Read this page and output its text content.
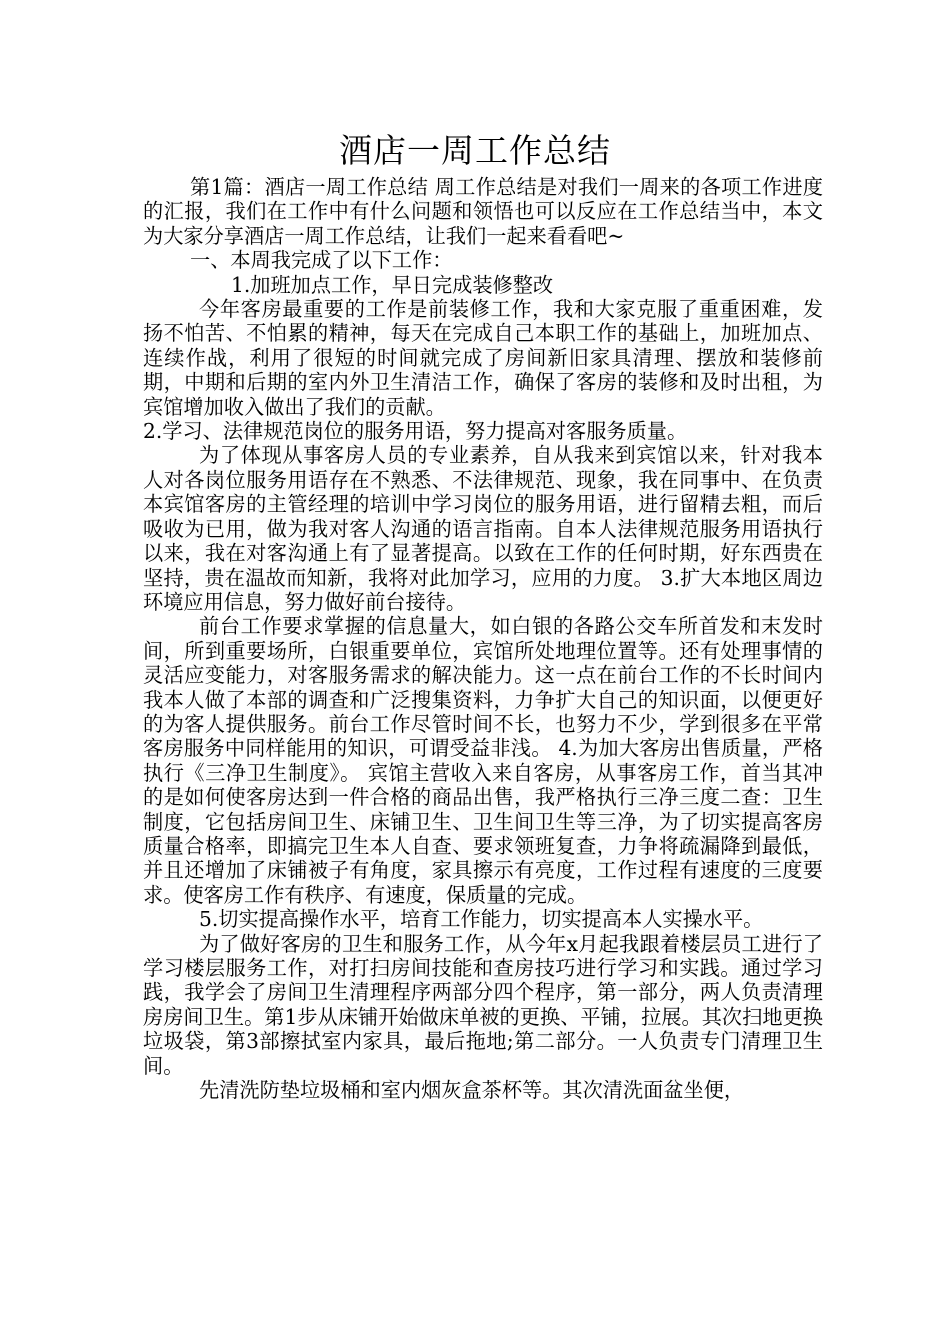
酒店一周工作总结

第1篇：酒店一周工作总结 周工作总结是对我们一周来的各项工作进度的汇报，我们在工作中有什么问题和领悟也可以反应在工作总结当中，本文为大家分享酒店一周工作总结，让我们一起来看看吧~

一、本周我完成了以下工作：

1.加班加点工作，早日完成装修整改

今年客房最重要的工作是前装修工作，我和大家克服了重重困难，发扬不怕苦、不怕累的精神，每天在完成自己本职工作的基础上，加班加点、连续作战，利用了很短的时间就完成了房间新旧家具清理、摆放和装修前期，中期和后期的室内外卫生清洁工作，确保了客房的装修和及时出租，为宾馆增加收入做出了我们的贡献。

2.学习、法律规范岗位的服务用语，努力提高对客服务质量。

为了体现从事客房人员的专业素养，自从我来到宾馆以来，针对我本人对各岗位服务用语存在不熟悉、不法律规范、现象，我在同事中、在负责本宾馆客房的主管经理的培训中学习岗位的服务用语，进行留精去粗，而后吸收为已用，做为我对客人沟通的语言指南。自本人法律规范服务用语执行以来，我在对客沟通上有了显著提高。以致在工作的任何时期，好东西贵在坚持，贵在温故而知新，我将对此加学习，应用的力度。 3.扩大本地区周边环境应用信息，努力做好前台接待。

前台工作要求掌握的信息量大，如白银的各路公交车所首发和末发时间，所到重要场所，白银重要单位，宾馆所处地理位置等。还有处理事情的灵活应变能力，对客服务需求的解决能力。这一点在前台工作的不长时间内我本人做了本部的调查和广泛搜集资料，力争扩大自己的知识面，以便更好的为客人提供服务。前台工作尽管时间不长，也努力不少，学到很多在平常客房服务中同样能用的知识，可谓受益非浅。 4.为加大客房出售质量，严格执行《三净卫生制度》。 宾馆主营收入来自客房，从事客房工作，首当其冲的是如何使客房达到一件合格的商品出售，我严格执行三净三度二查：卫生制度，它包括房间卫生、床铺卫生、卫生间卫生等三净，为了切实提高客房质量合格率，即搞完卫生本人自查、要求领班复查，力争将疏漏降到最低，并且还增加了床铺被子有角度，家具擦示有亮度，工作过程有速度的三度要求。使客房工作有秩序、有速度，保质量的完成。

5.切实提高操作水平，培育工作能力，切实提高本人实操水平。

为了做好客房的卫生和服务工作，从今年x月起我跟着楼层员工进行了学习楼层服务工作，对打扫房间技能和查房技巧进行学习和实践。通过学习践，我学会了房间卫生清理程序两部分四个程序，第一部分，两人负责清理房房间卫生。第1步从床铺开始做床单被的更换、平铺，拉展。其次扫地更换垃圾袋，第3部擦拭室内家具，最后拖地;第二部分。一人负责专门清理卫生间。

先清洗防垫垃圾桶和室内烟灰盒茶杯等。其次清洗面盆坐便，
